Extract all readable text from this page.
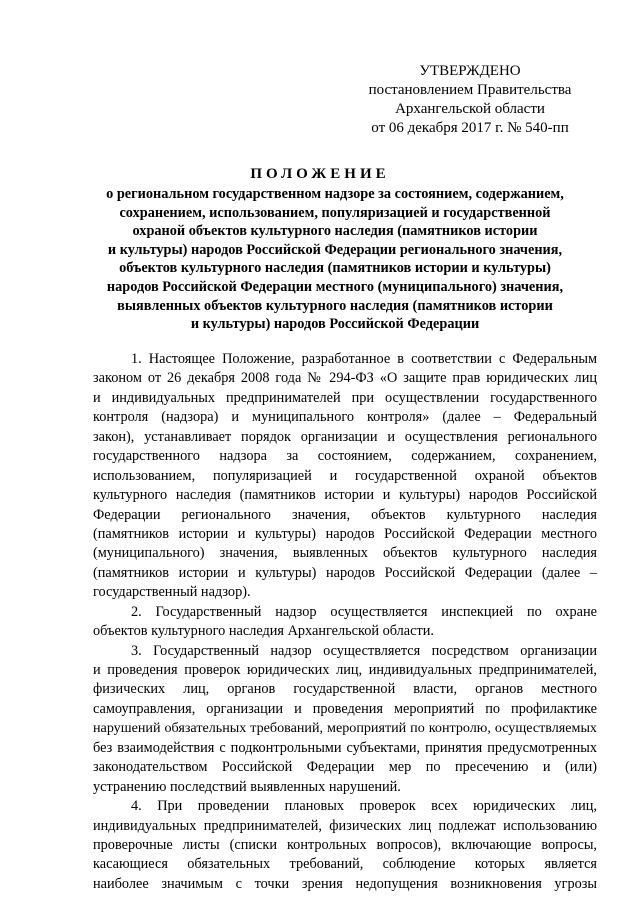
УТВЕРЖДЕНО
постановлением Правительства
Архангельской области
от 06 декабря 2017 г. № 540-пп
ПОЛОЖЕНИЕ
о региональном государственном надзоре за состоянием, содержанием,
сохранением, использованием, популяризацией и государственной
охраной объектов культурного наследия (памятников истории
и культуры) народов Российской Федерации регионального значения,
объектов культурного наследия (памятников истории и культуры)
народов Российской Федерации местного (муниципального) значения,
выявленных объектов культурного наследия (памятников истории
и культуры) народов Российской Федерации
1. Настоящее Положение, разработанное в соответствии с Федеральным
законом от 26 декабря 2008 года № 294-ФЗ «О защите прав юридических лиц
и индивидуальных предпринимателей при осуществлении государственного
контроля (надзора) и муниципального контроля» (далее – Федеральный
закон), устанавливает порядок организации и осуществления регионального
государственного надзора за состоянием, содержанием, сохранением,
использованием, популяризацией и государственной охраной объектов
культурного наследия (памятников истории и культуры) народов Российской
Федерации регионального значения, объектов культурного наследия
(памятников истории и культуры) народов Российской Федерации местного
(муниципального) значения, выявленных объектов культурного наследия
(памятников истории и культуры) народов Российской Федерации (далее –
государственный надзор).
2. Государственный надзор осуществляется инспекцией по охране
объектов культурного наследия Архангельской области.
3. Государственный надзор осуществляется посредством организации
и проведения проверок юридических лиц, индивидуальных предпринимателей,
физических лиц, органов государственной власти, органов местного
самоуправления, организации и проведения мероприятий по профилактике
нарушений обязательных требований, мероприятий по контролю, осуществляемых
без взаимодействия с подконтрольными субъектами, принятия предусмотренных
законодательством Российской Федерации мер по пресечению и (или)
устранению последствий выявленных нарушений.
4. При проведении плановых проверок всех юридических лиц,
индивидуальных предпринимателей, физических лиц подлежат использованию
проверочные листы (списки контрольных вопросов), включающие вопросы,
касающиеся обязательных требований, соблюдение которых является
наиболее значимым с точки зрения недопущения возникновения угрозы
